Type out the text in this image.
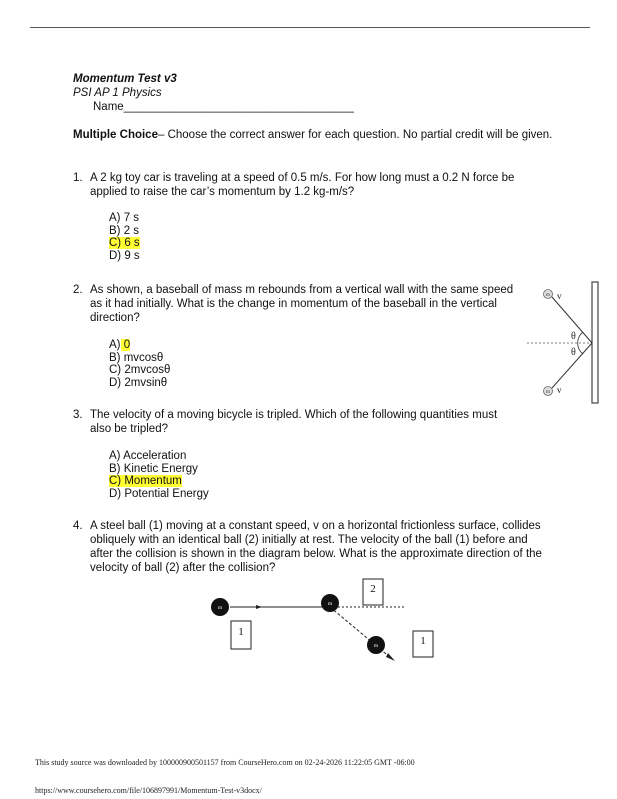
Momentum Test v3
PSI AP 1 Physics
Name____________________________________
Multiple Choice– Choose the correct answer for each question. No partial credit will be given.
1. A 2 kg toy car is traveling at a speed of 0.5 m/s. For how long must a 0.2 N force be applied to raise the car’s momentum by 1.2 kg-m/s?
A) 7 s
B) 2 s
C) 6 s
D) 9 s
2. As shown, a baseball of mass m rebounds from a vertical wall with the same speed as it had initially. What is the change in momentum of the baseball in the vertical direction?
A) 0
B) mvcosθ
C) 2mvcosθ
D) 2mvsinθ
m v
m v
θ
θ
3. The velocity of a moving bicycle is tripled. Which of the following quantities must also be tripled?
A) Acceleration
B) Kinetic Energy
C) Momentum
D) Potential Energy
4. A steel ball (1) moving at a constant speed, v on a horizontal frictionless surface, collides obliquely with an identical ball (2) initially at rest. The velocity of the ball (1) before and after the collision is shown in the diagram below. What is the approximate direction of the velocity of ball (2) after the collision?
m
m
m
1
2
1
This study source was downloaded by 100000900501157 from CourseHero.com on 02-24-2026 11:22:05 GMT -06:00
https://www.coursehero.com/file/106897991/Momentum-Test-v3docx/
